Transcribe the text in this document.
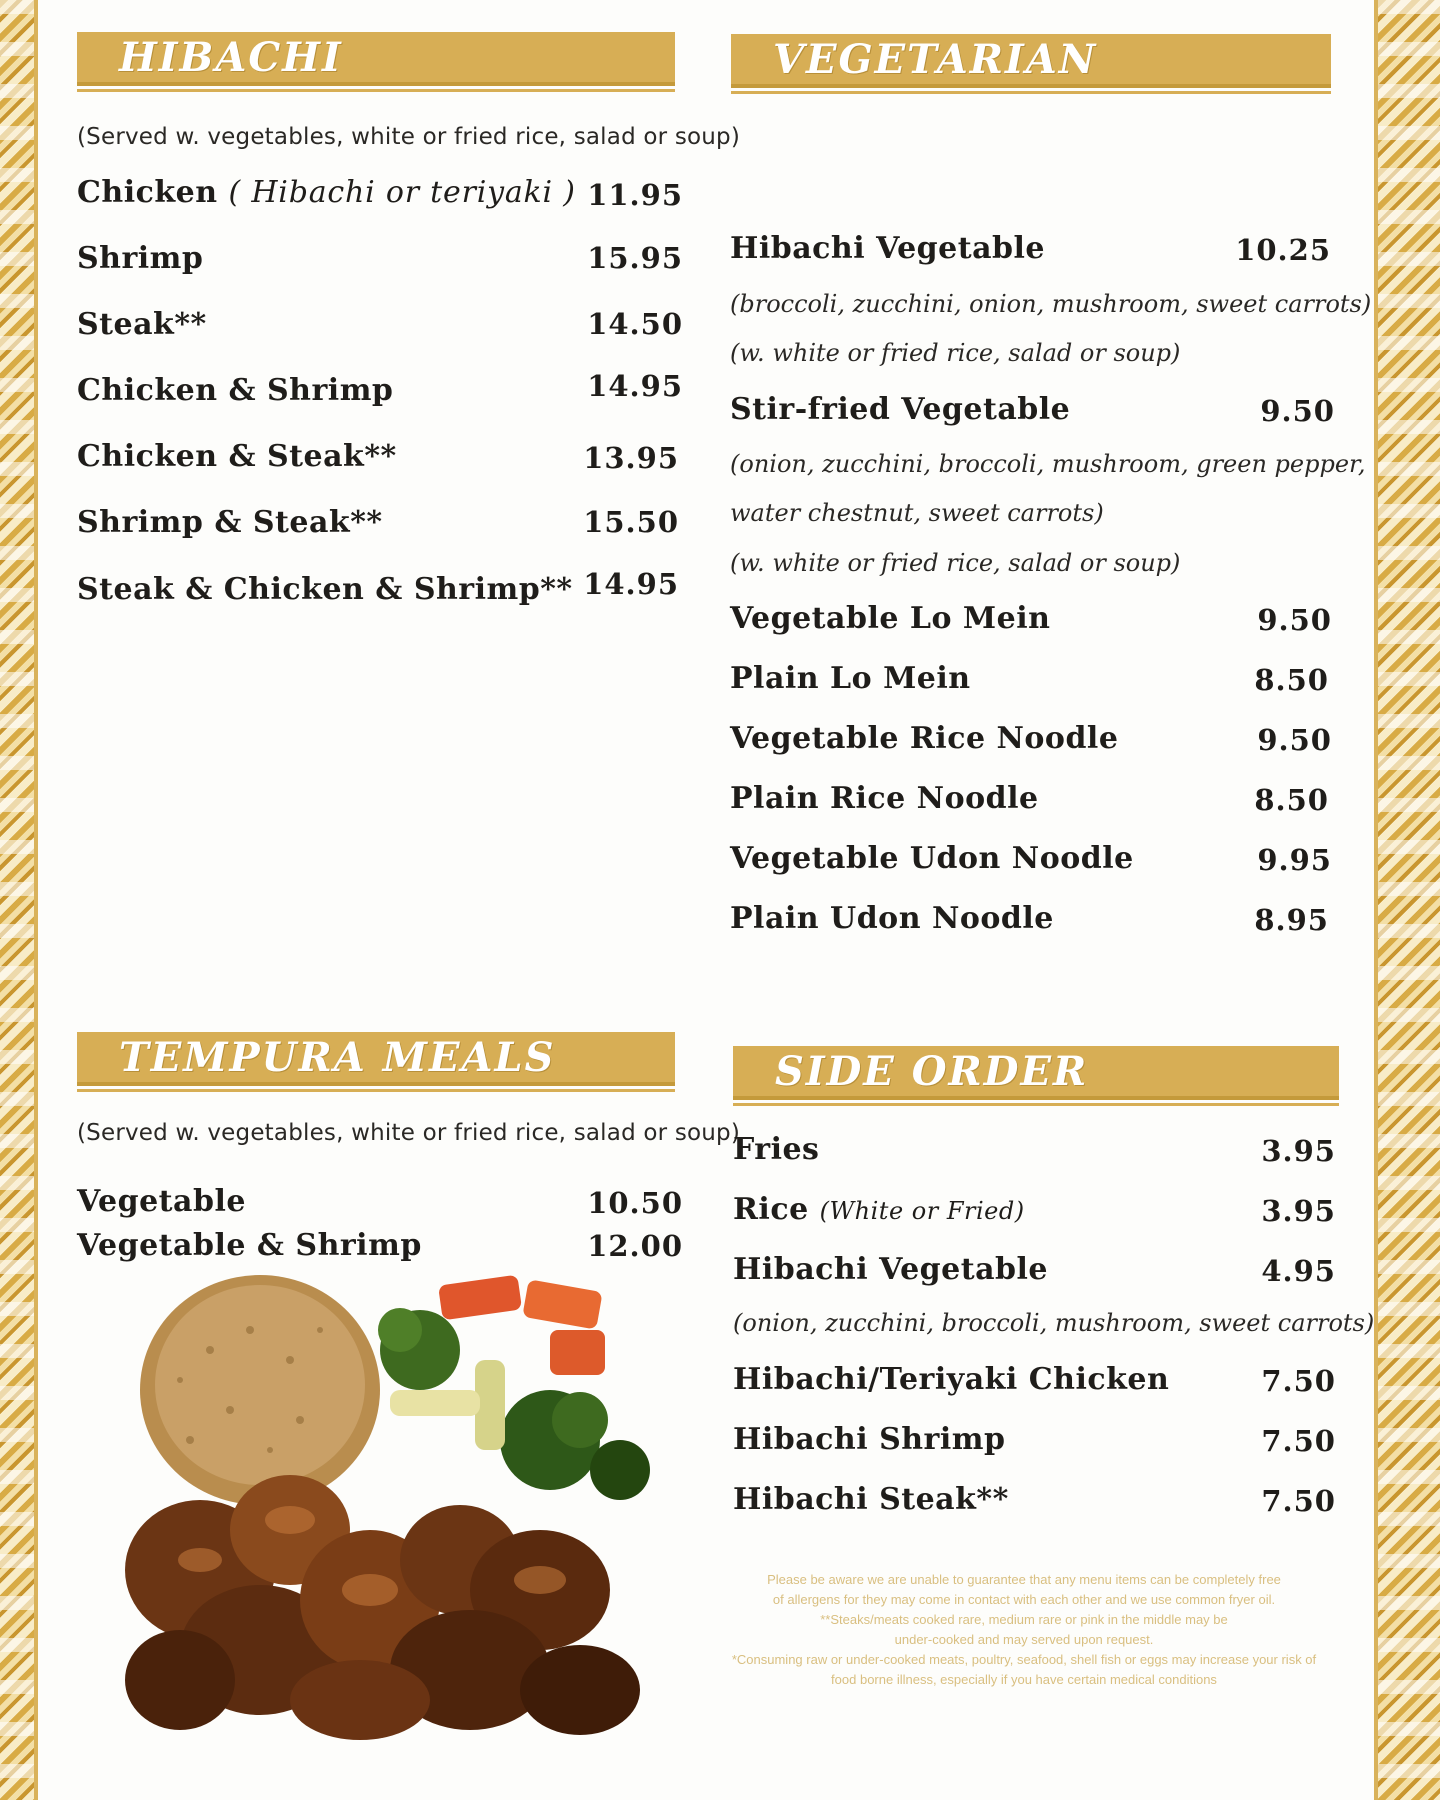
HIBACHI
(Served w. vegetables, white or fried rice, salad or soup)
Chicken ( Hibachi or teriyaki ) 11.95
Shrimp	15.95
Steak**	14.50
Chicken & Shrimp	14.95
Chicken & Steak**	13.95
Shrimp & Steak**	15.50
Steak & Chicken & Shrimp** 14.95
VEGETARIAN
Hibachi Vegetable	10.25
(broccoli, zucchini, onion, mushroom, sweet carrots)
(w. white or fried rice, salad or soup)
Stir-fried Vegetable	9.50
(onion, zucchini, broccoli, mushroom, green pepper,
water chestnut, sweet carrots)
(w. white or fried rice, salad or soup)
Vegetable Lo Mein	9.50
Plain Lo Mein	8.50
Vegetable Rice Noodle	9.50
Plain Rice Noodle	8.50
Vegetable Udon Noodle	9.95
Plain Udon Noodle	8.95
TEMPURA MEALS
(Served w. vegetables, white or fried rice, salad or soup)
Vegetable	10.50
Vegetable & Shrimp	12.00
SIDE ORDER
Fries	3.95
Rice (White or Fried)	3.95
Hibachi Vegetable	4.95
(onion, zucchini, broccoli, mushroom, sweet carrots)
Hibachi/Teriyaki Chicken	7.50
Hibachi Shrimp	7.50
Hibachi Steak**	7.50
Please be aware we are unable to guarantee that any menu items can be completely free
of allergens for they may come in contact with each other and we use common fryer oil.
**Steaks/meats cooked rare, medium rare or pink in the middle may be
under-cooked and may served upon request.
*Consuming raw or under-cooked meats, poultry, seafood, shell fish or eggs may increase your risk of
food borne illness, especially if you have certain medical conditions
